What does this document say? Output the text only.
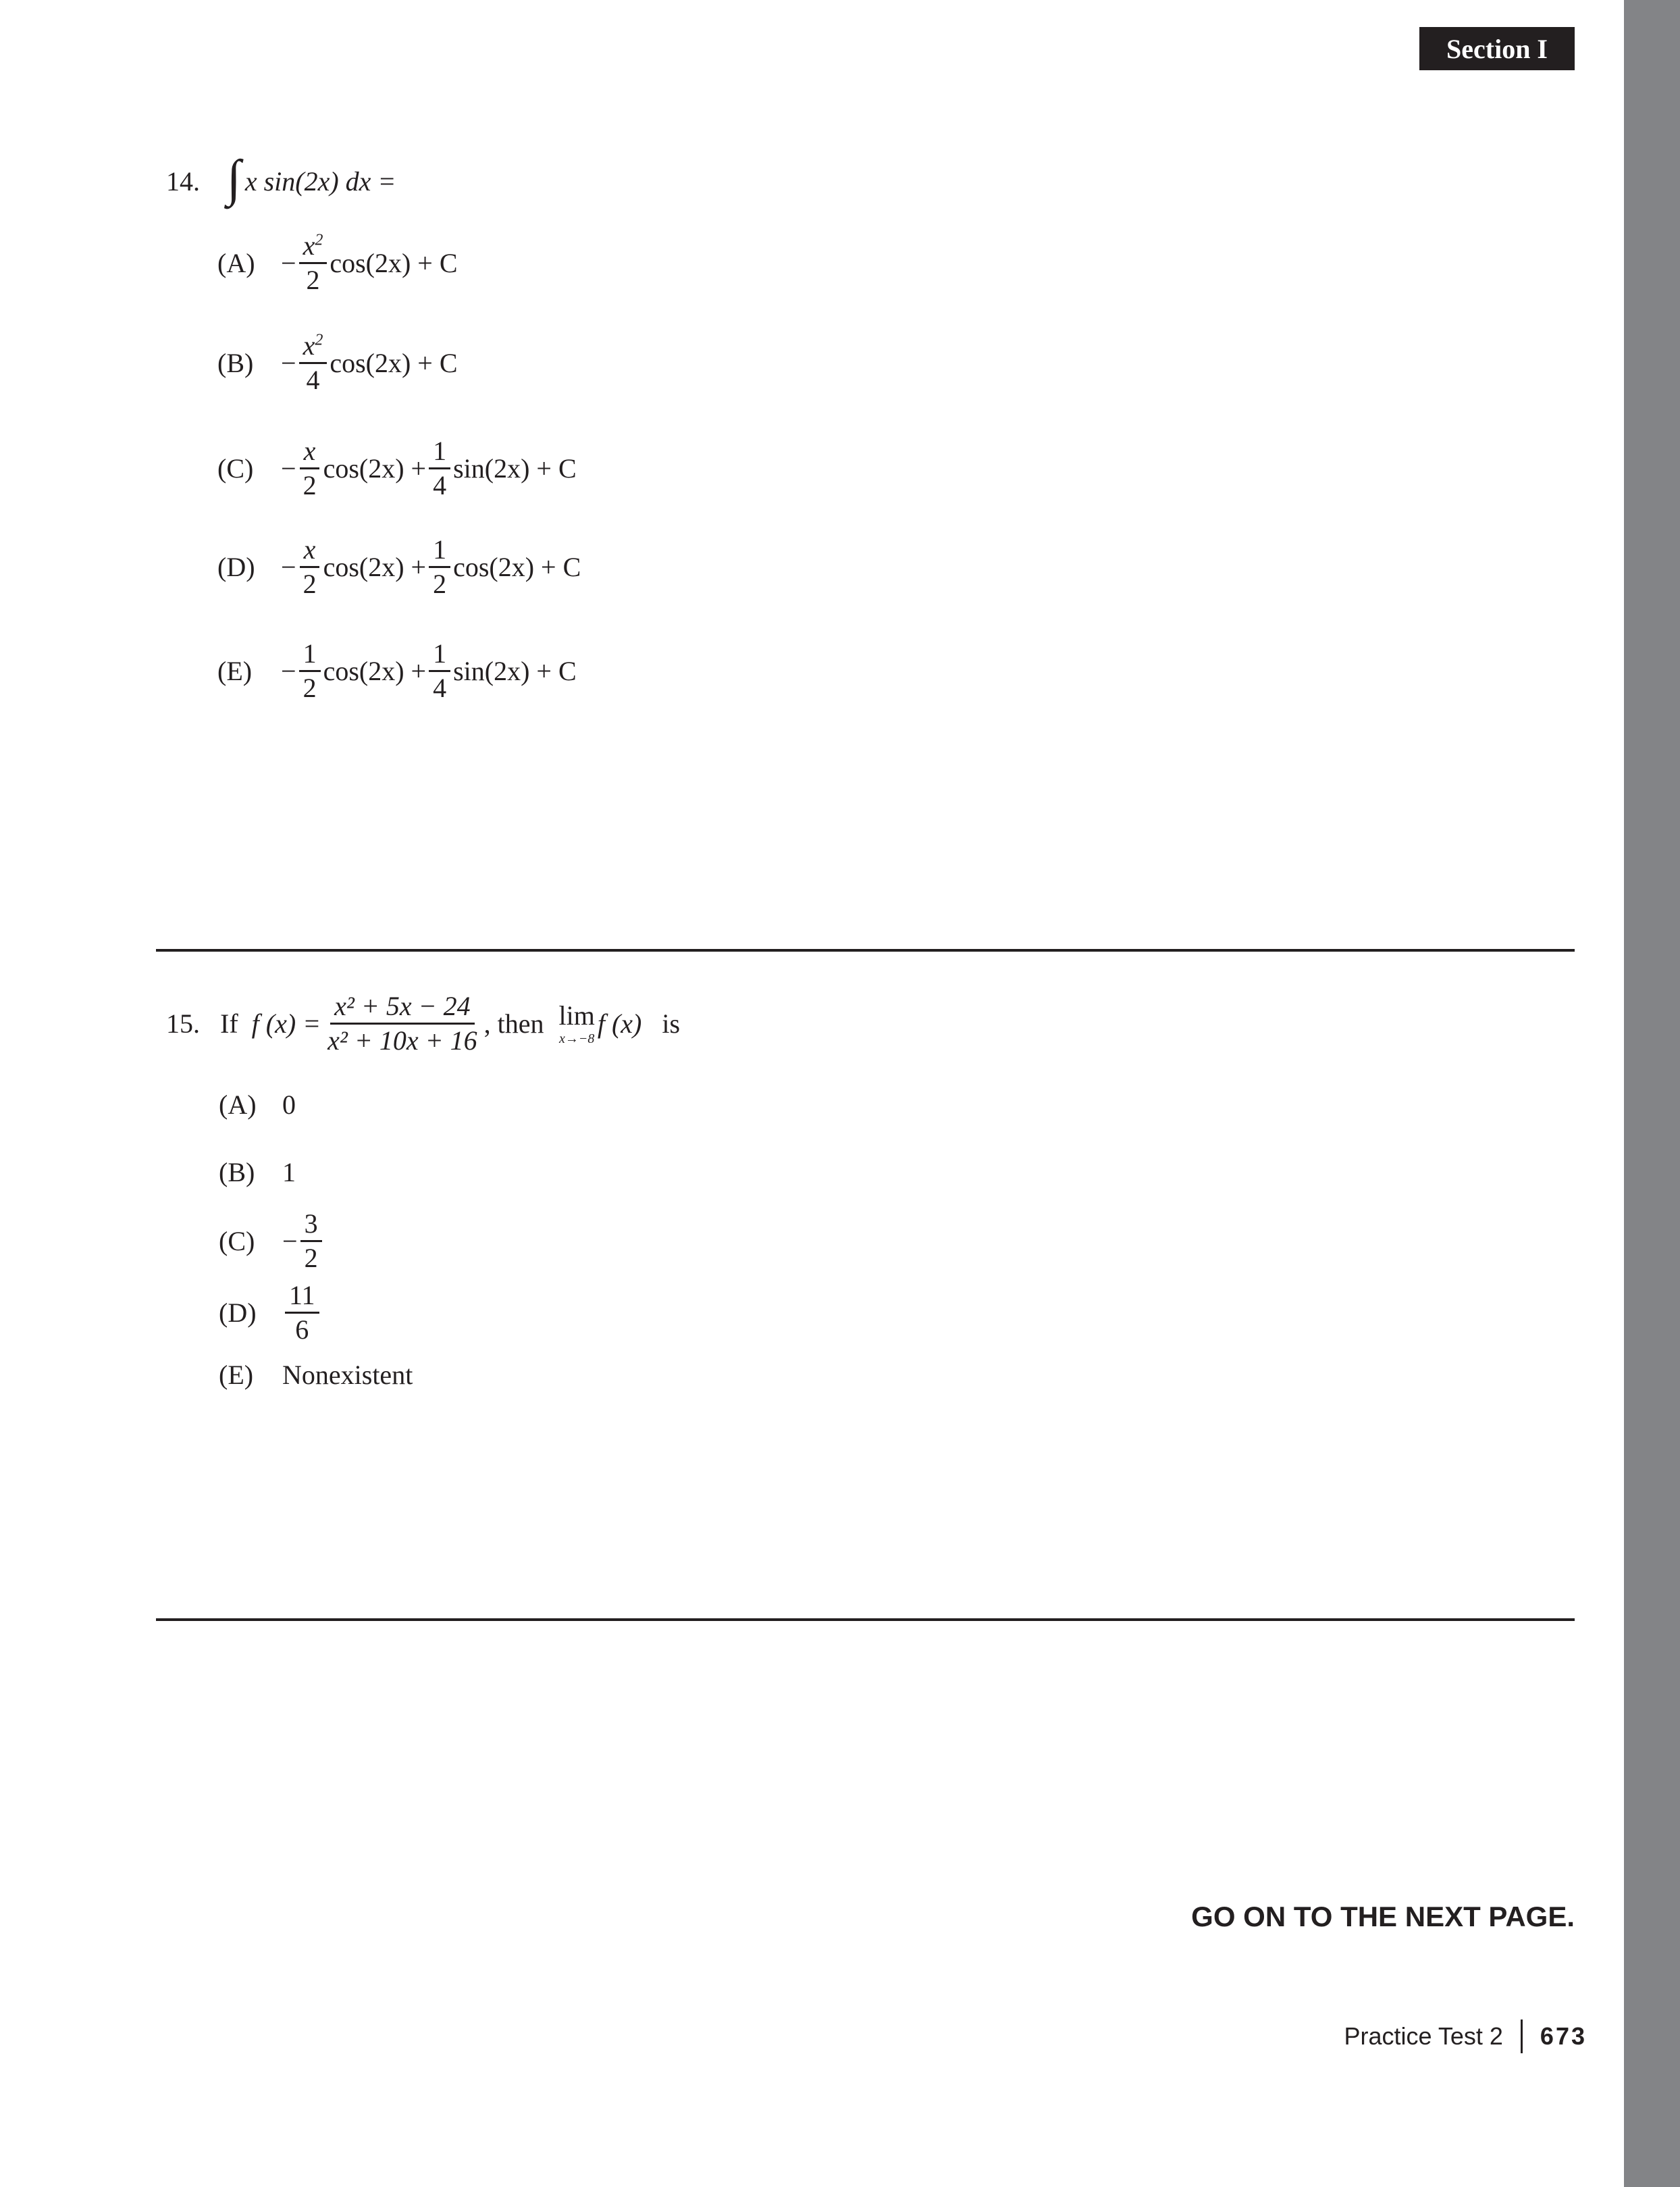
Section I
14. ∫ x sin(2x)
dx =
$(A) - \frac{x^2}{2} \cos(2x) + C$
(B)	− $\frac{x^2}{4} \cos(2x) + C$
(C)	− $\frac{x}{2} \cos(2x) + \frac{1}{4} \sin(2x) + C$
$(D) - \frac{x}{2} \cos(2x) + \frac{1}{2} \cos(2x) + C$
(E)	− $\frac{1}{2} \cos(2x) + \frac{1}{4} \sin(2x) + C$
15. If
f $(x) = \frac{\text{x² + 5x − 24}}{\text{x² + 10x + 16}}$ , then lim
x→−8 f (x)
is
(A) 0
(B)	1
(C)	− $\frac{3}{2}$
(D)	$\frac{11}{6}$
(E)	Nonexistent
GO ON TO THE NEXT PAGE.
Practice Test 2 673
